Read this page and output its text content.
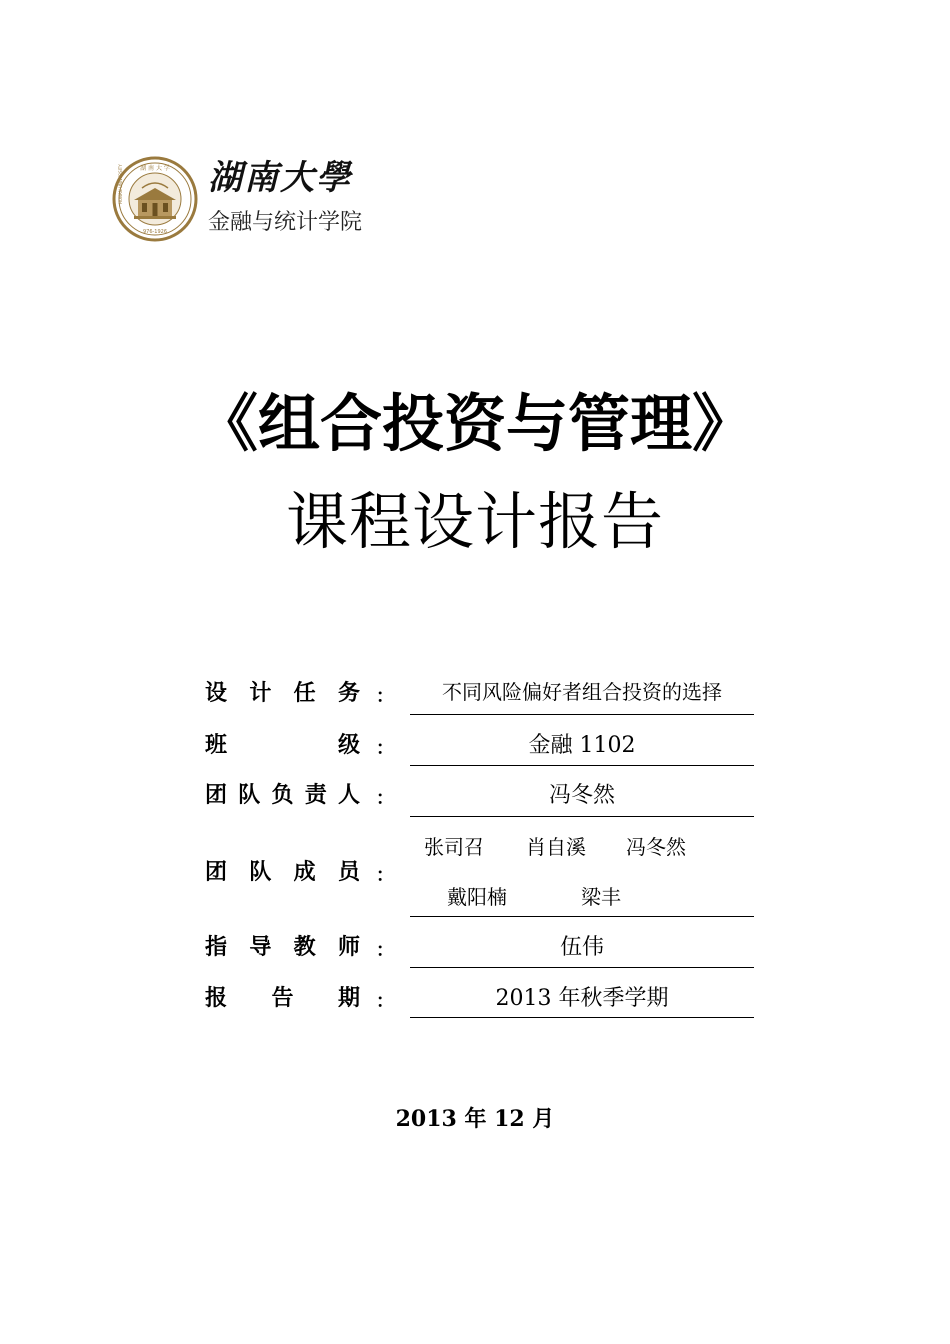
湖 南 大 学
976-1926
HUNAN UNIVERSITY	湖南大學
金融与统计学院
《组合投资与管理》
课程设计报告
设 计 任 务 ：	不同风险偏好者组合投资的选择
班	级 ：	金融 1102
团 队 负 责 人 ：	冯冬然
团 队 成 员 ：
张司召 肖自溪 冯冬然
戴阳楠	梁丰
指 导 教 师 ：	伍伟
报 告 期 ：	2013 年秋季学期
2013 年 12 月
